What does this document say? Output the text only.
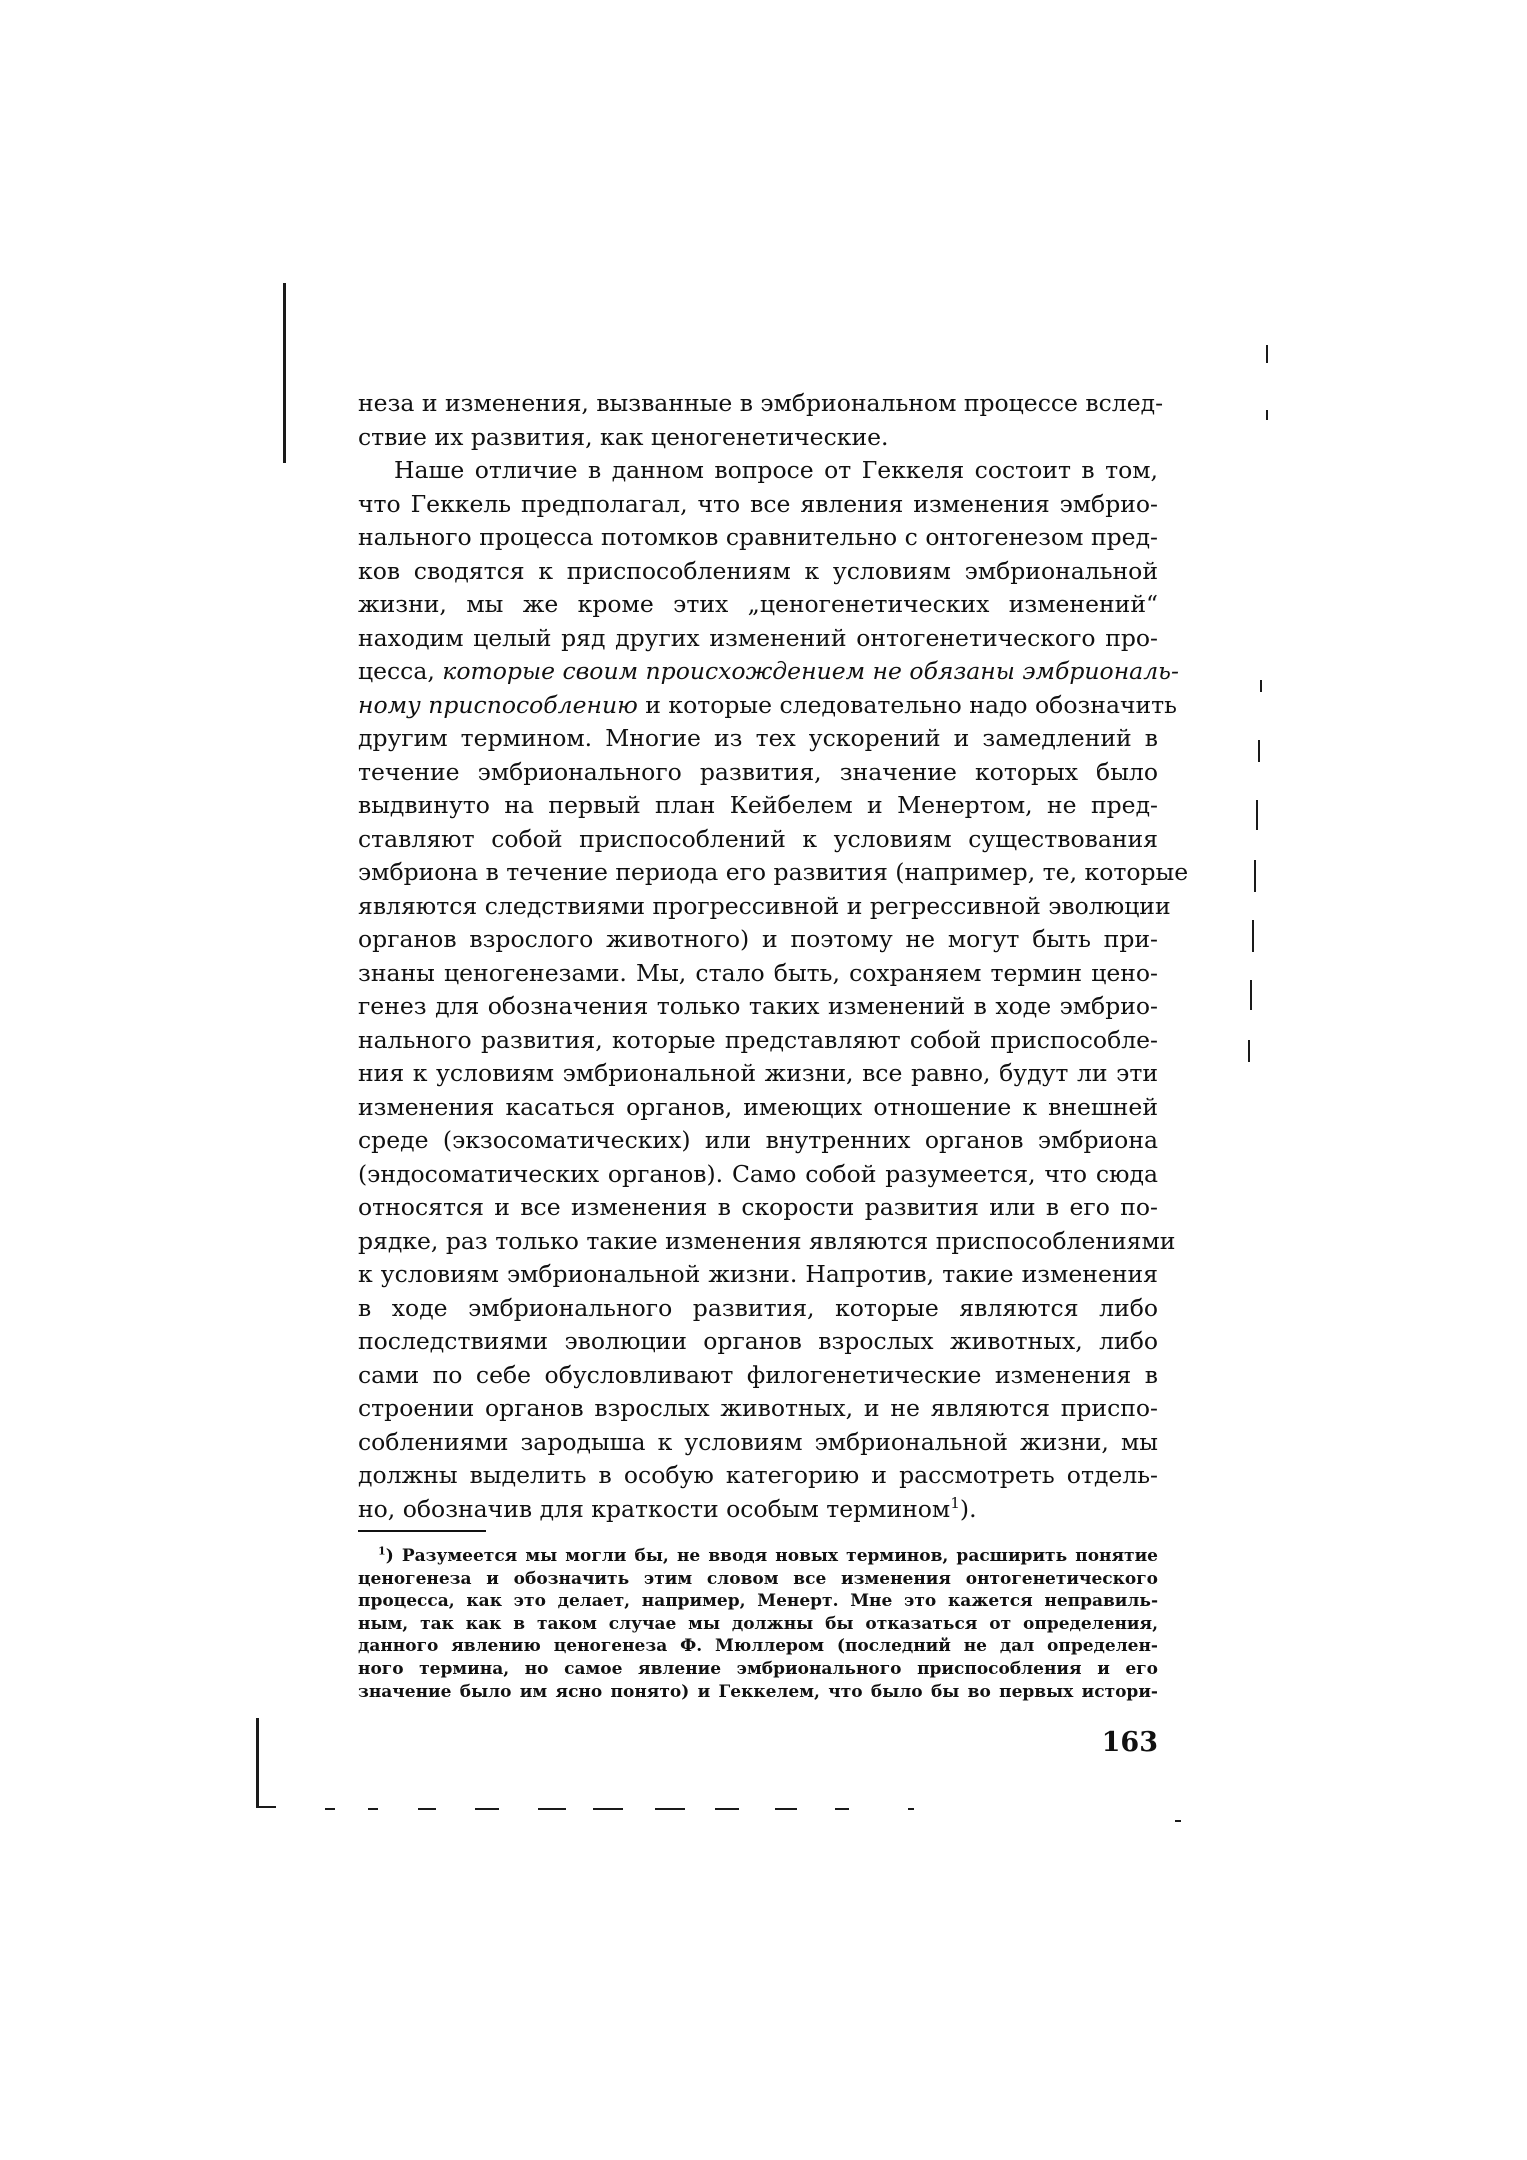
неза и изменения, вызванные в эмбриональном процессе вслед-
ствие их развития, как ценогенетические.
Наше отличие в данном вопросе от Геккеля состоит в том,
что Геккель предполагал, что все явления изменения эмбрио-
нального процесса потомков сравнительно с онтогенезом пред-
ков сводятся к приспособлениям к условиям эмбриональной
жизни, мы же кроме этих „ценогенетических изменений“
находим целый ряд других изменений онтогенетического про-
цесса, которые своим происхождением не обязаны эмбриональ-
ному приспособлению и которые следовательно надо обозначить
другим термином. Многие из тех ускорений и замедлений в
течение эмбрионального развития, значение которых было
выдвинуто на первый план Кейбелем и Менертом, не пред-
ставляют собой приспособлений к условиям существования
эмбриона в течение периода его развития (например, те, которые
являются следствиями прогрессивной и регрессивной эволюции
органов взрослого животного) и поэтому не могут быть при-
знаны ценогенезами. Мы, стало быть, сохраняем термин цено-
генез для обозначения только таких изменений в ходе эмбрио-
нального развития, которые представляют собой приспособле-
ния к условиям эмбриональной жизни, все равно, будут ли эти
изменения касаться органов, имеющих отношение к внешней
среде (экзосоматических) или внутренних органов эмбриона
(эндосоматических органов). Само собой разумеется, что сюда
относятся и все изменения в скорости развития или в его по-
рядке, раз только такие изменения являются приспособлениями
к условиям эмбриональной жизни. Напротив, такие изменения
в ходе эмбрионального развития, которые являются либо
последствиями эволюции органов взрослых животных, либо
сами по себе обусловливают филогенетические изменения в
строении органов взрослых животных, и не являются приспо-
соблениями зародыша к условиям эмбриональной жизни, мы
должны выделить в особую категорию и рассмотреть отдель-
но, обозначив для краткости особым термином$^1$).
$^1$) Разумеется мы могли бы, не вводя новых терминов, расширить понятие
ценогенеза и обозначить этим словом все изменения онтогенетического
процесса, как это делает, например, Менерт. Мне это кажется неправиль-
ным, так как в таком случае мы должны бы отказаться от определения,
данного явлению ценогенеза Ф. Мюллером (последний не дал определен-
ного термина, но самое явление эмбрионального приспособления и его
значение было им ясно понято) и Геккелем, что было бы во первых истори-
163
